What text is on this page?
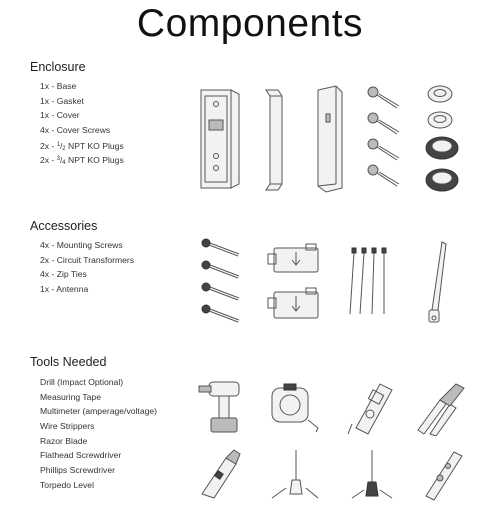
Components
Enclosure
1x - Base
1x - Gasket
1x - Cover
4x - Cover Screws
2x - $^1$/2 NPT KO Plugs
2x - $^3$/4 NPT KO Plugs
Accessories
4x - Mounting Screws
2x - Circuit Transformers
4x - Zip Ties
1x - Antenna
Tools Needed
Drill (Impact Optional)
Measuring Tape
Multimeter (amperage/voltage)
Wire Strippers
Razor Blade
Flathead Screwdriver
Phillips Screwdriver
Torpedo Level
